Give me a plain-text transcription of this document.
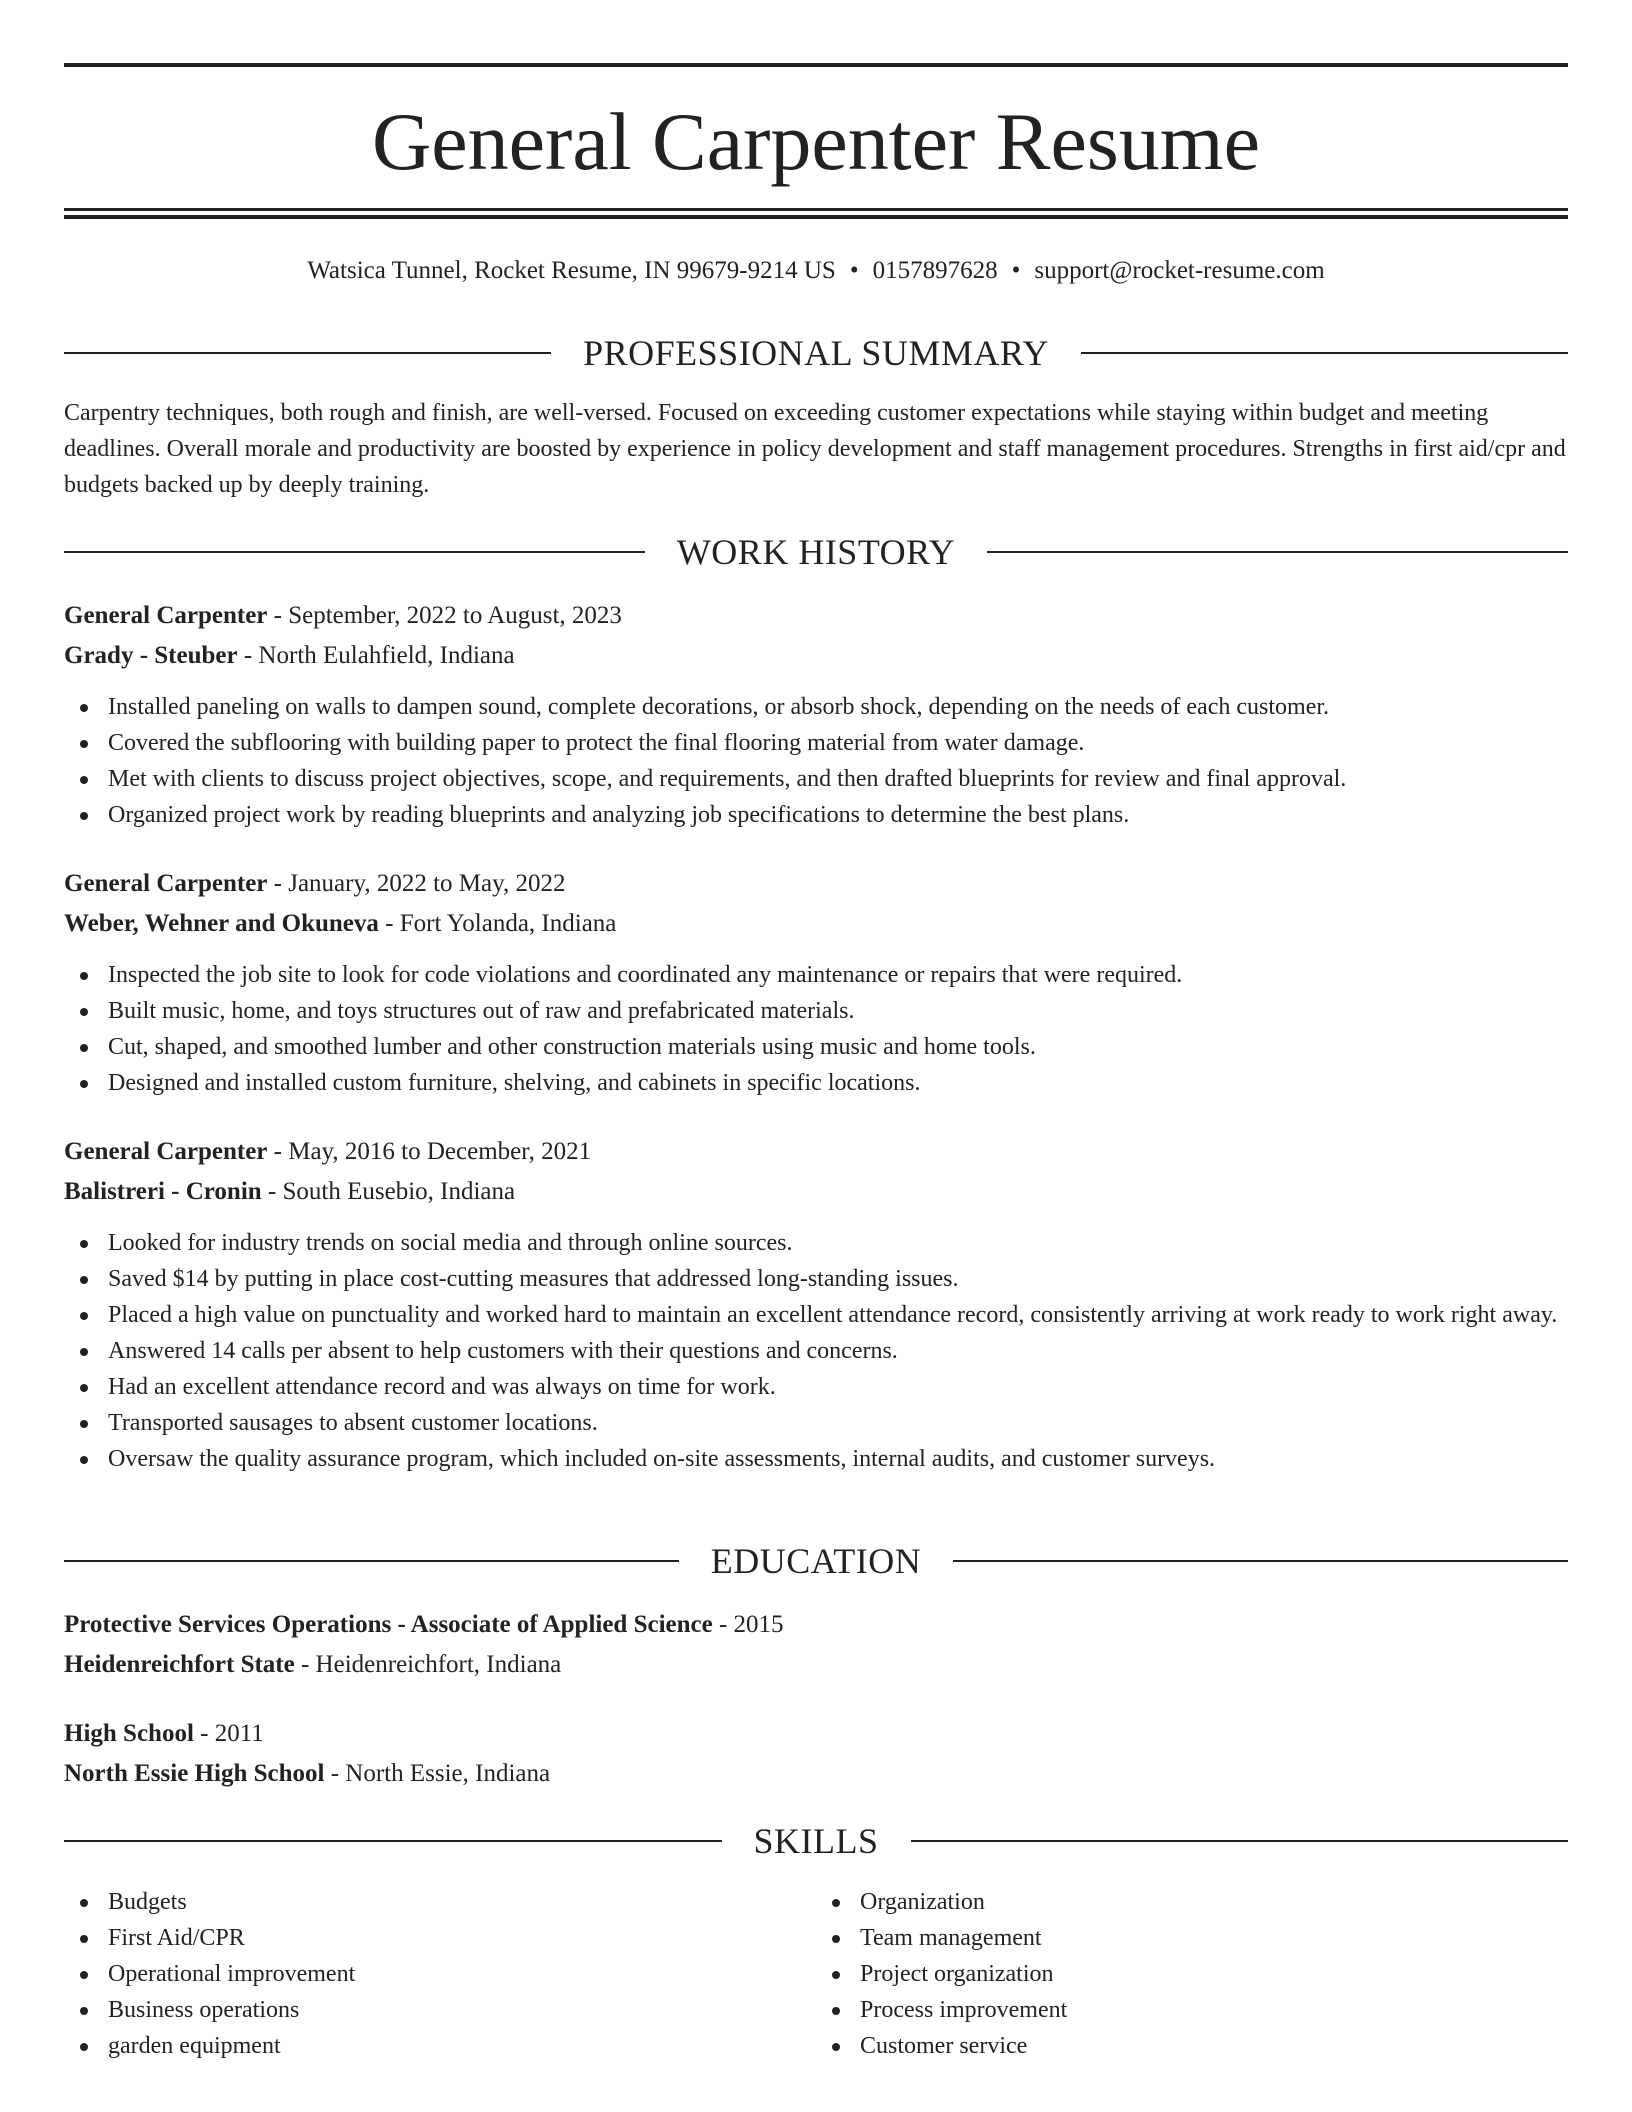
General Carpenter Resume
Watsica Tunnel, Rocket Resume, IN 99679-9214 US • 0157897628 • support@rocket-resume.com
PROFESSIONAL SUMMARY
Carpentry techniques, both rough and finish, are well-versed. Focused on exceeding customer expectations while staying within budget and meeting deadlines. Overall morale and productivity are boosted by experience in policy development and staff management procedures. Strengths in first aid/cpr and budgets backed up by deeply training.
WORK HISTORY
General Carpenter - September, 2022 to August, 2023
Grady - Steuber - North Eulahfield, Indiana
Installed paneling on walls to dampen sound, complete decorations, or absorb shock, depending on the needs of each customer.
Covered the subflooring with building paper to protect the final flooring material from water damage.
Met with clients to discuss project objectives, scope, and requirements, and then drafted blueprints for review and final approval.
Organized project work by reading blueprints and analyzing job specifications to determine the best plans.
General Carpenter - January, 2022 to May, 2022
Weber, Wehner and Okuneva - Fort Yolanda, Indiana
Inspected the job site to look for code violations and coordinated any maintenance or repairs that were required.
Built music, home, and toys structures out of raw and prefabricated materials.
Cut, shaped, and smoothed lumber and other construction materials using music and home tools.
Designed and installed custom furniture, shelving, and cabinets in specific locations.
General Carpenter - May, 2016 to December, 2021
Balistreri - Cronin - South Eusebio, Indiana
Looked for industry trends on social media and through online sources.
Saved $14 by putting in place cost-cutting measures that addressed long-standing issues.
Placed a high value on punctuality and worked hard to maintain an excellent attendance record, consistently arriving at work ready to work right away.
Answered 14 calls per absent to help customers with their questions and concerns.
Had an excellent attendance record and was always on time for work.
Transported sausages to absent customer locations.
Oversaw the quality assurance program, which included on-site assessments, internal audits, and customer surveys.
EDUCATION
Protective Services Operations - Associate of Applied Science - 2015
Heidenreichfort State - Heidenreichfort, Indiana
High School - 2011
North Essie High School - North Essie, Indiana
SKILLS
Budgets
First Aid/CPR
Operational improvement
Business operations
garden equipment
Organization
Team management
Project organization
Process improvement
Customer service
